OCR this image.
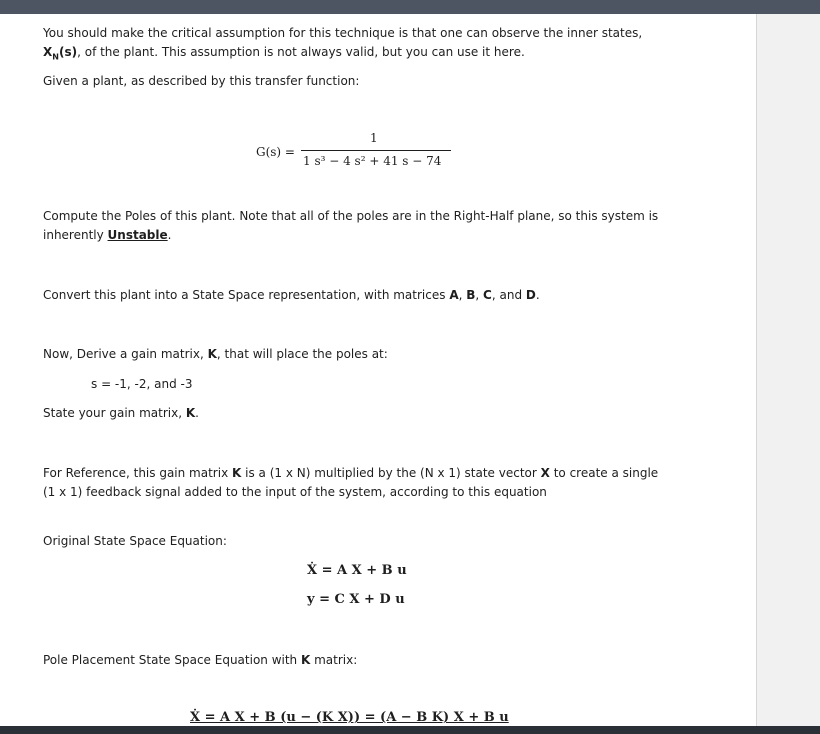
You should make the critical assumption for this technique is that one can observe the inner states,
$X_N(s)$, of the plant. This assumption is not always valid, but you can use it here.
Given a plant, as described by this transfer function:
G(s) =
1
1 s³ − 4 s² + 41 s − 74
Compute the Poles of this plant. Note that all of the poles are in the Right-Half plane, so this system is
inherently Unstable.
Convert this plant into a State Space representation, with matrices A, B, C, and D.
Now, Derive a gain matrix, K, that will place the poles at:
s = -1, -2, and -3
State your gain matrix, K.
For Reference, this gain matrix K is a (1 x N) multiplied by the (N x 1) state vector X to create a single
(1 x 1) feedback signal added to the input of the system, according to this equation
Original State Space Equation:
Ẋ = A X + B u
y = C X + D u
Pole Placement State Space Equation with K matrix:
Ẋ = A X + B (u − (K X)) = (A − B K) X + B u
